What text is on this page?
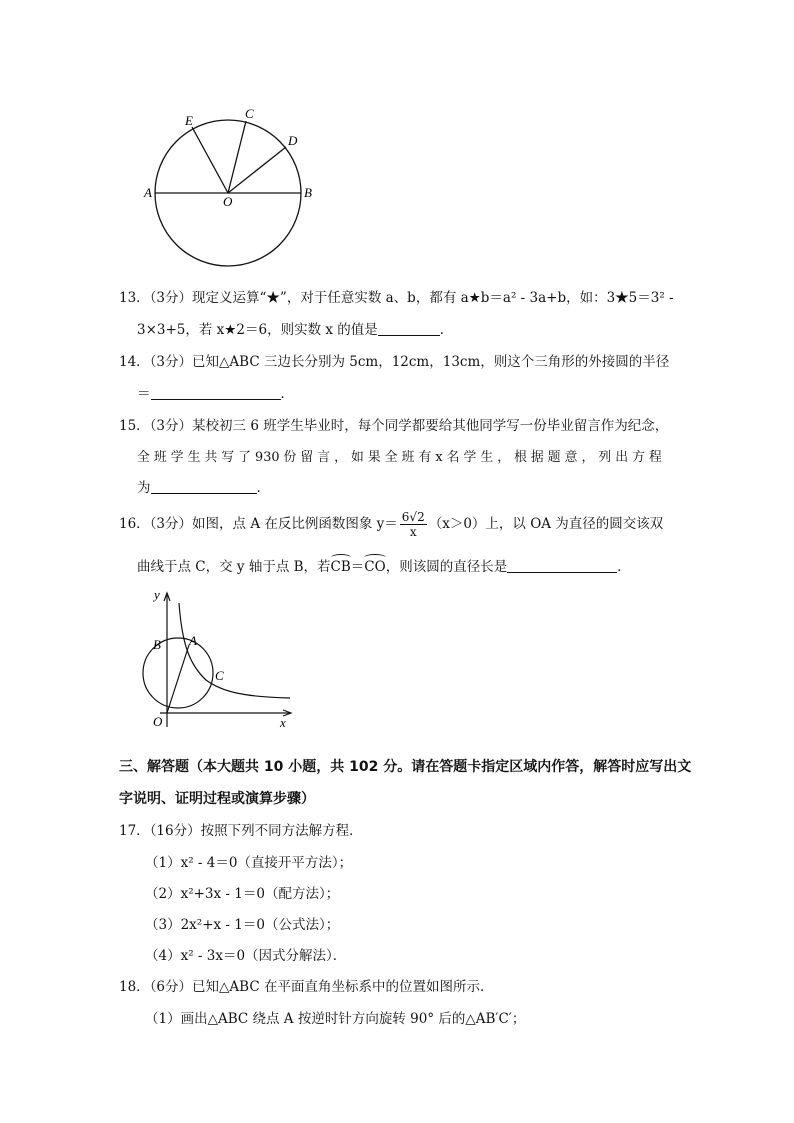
E	C
D
A	B
O
13．（3分）现定义运算“★”，对于任意实数 a、b，都有 a★b＝a² - 3a+b，如：3★5＝3² -
3×3+5，若 x★2＝6，则实数 x 的值是	．
14．（3分）已知△ABC 三边长分别为 5cm，12cm，13cm，则这个三角形的外接圆的半径
＝	．
15．（3分）某校初三 6 班学生毕业时，每个同学都要给其他同学写一份毕业留言作为纪念，
全 班 学 生 共 写 了 930 份 留 言 ， 如 果 全 班 有 x 名 学 生 ， 根 据 题 意 ， 列 出 方 程
为	．
16．（3分）如图，点 A 在反比例函数图象 $y= \frac{6√2}{x} (x>0)$上，以 OA 为直径的圆交该双
曲线于点 C，交 y 轴于点 B，若CB＝CO，则该圆的直径长是	．
y
x
B A
C
O
三、解答题（本大题共 10 小题，共 102 分。请在答题卡指定区域内作答，解答时应写出文
字说明、证明过程或演算步骤）
17．（16分）按照下列不同方法解方程．
（1）x² - 4＝0（直接开平方法）；
（2）x²+3x - 1＝0（配方法）；
（3）2x²+x - 1＝0（公式法）；
（4）x² - 3x＝0（因式分解法）．
18．（6分）已知△ABC 在平面直角坐标系中的位置如图所示．
（1）画出△ABC 绕点 A 按逆时针方向旋转 90° 后的△AB′C′；
